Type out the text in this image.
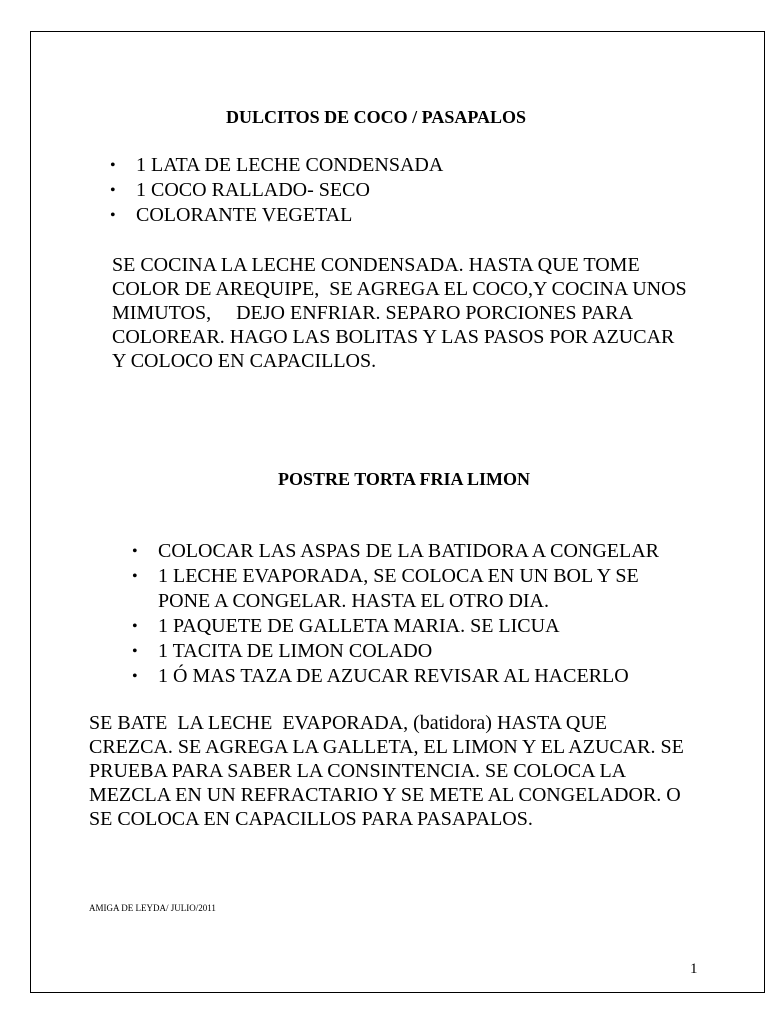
DULCITOS DE COCO / PASAPALOS
• 1 LATA DE LECHE CONDENSADA
• 1 COCO RALLADO- SECO
• COLORANTE VEGETAL
SE COCINA LA LECHE CONDENSADA. HASTA QUE TOME
COLOR DE AREQUIPE,  SE AGREGA EL COCO,Y COCINA UNOS
MIMUTOS,     DEJO ENFRIAR. SEPARO PORCIONES PARA
COLOREAR. HAGO LAS BOLITAS Y LAS PASOS POR AZUCAR
Y COLOCO EN CAPACILLOS.
POSTRE TORTA FRIA LIMON
• COLOCAR LAS ASPAS DE LA BATIDORA A CONGELAR
• 1 LECHE EVAPORADA, SE COLOCA EN UN BOL Y SE
PONE A CONGELAR. HASTA EL OTRO DIA.
• 1 PAQUETE DE GALLETA MARIA. SE LICUA
• 1 TACITA DE LIMON COLADO
• 1 Ó MAS TAZA DE AZUCAR REVISAR AL HACERLO
SE BATE  LA LECHE  EVAPORADA, (batidora) HASTA QUE
CREZCA. SE AGREGA LA GALLETA, EL LIMON Y EL AZUCAR. SE
PRUEBA PARA SABER LA CONSINTENCIA. SE COLOCA LA
MEZCLA EN UN REFRACTARIO Y SE METE AL CONGELADOR. O
SE COLOCA EN CAPACILLOS PARA PASAPALOS.

AMIGA DE LEYDA/ JULIO/2011

1
